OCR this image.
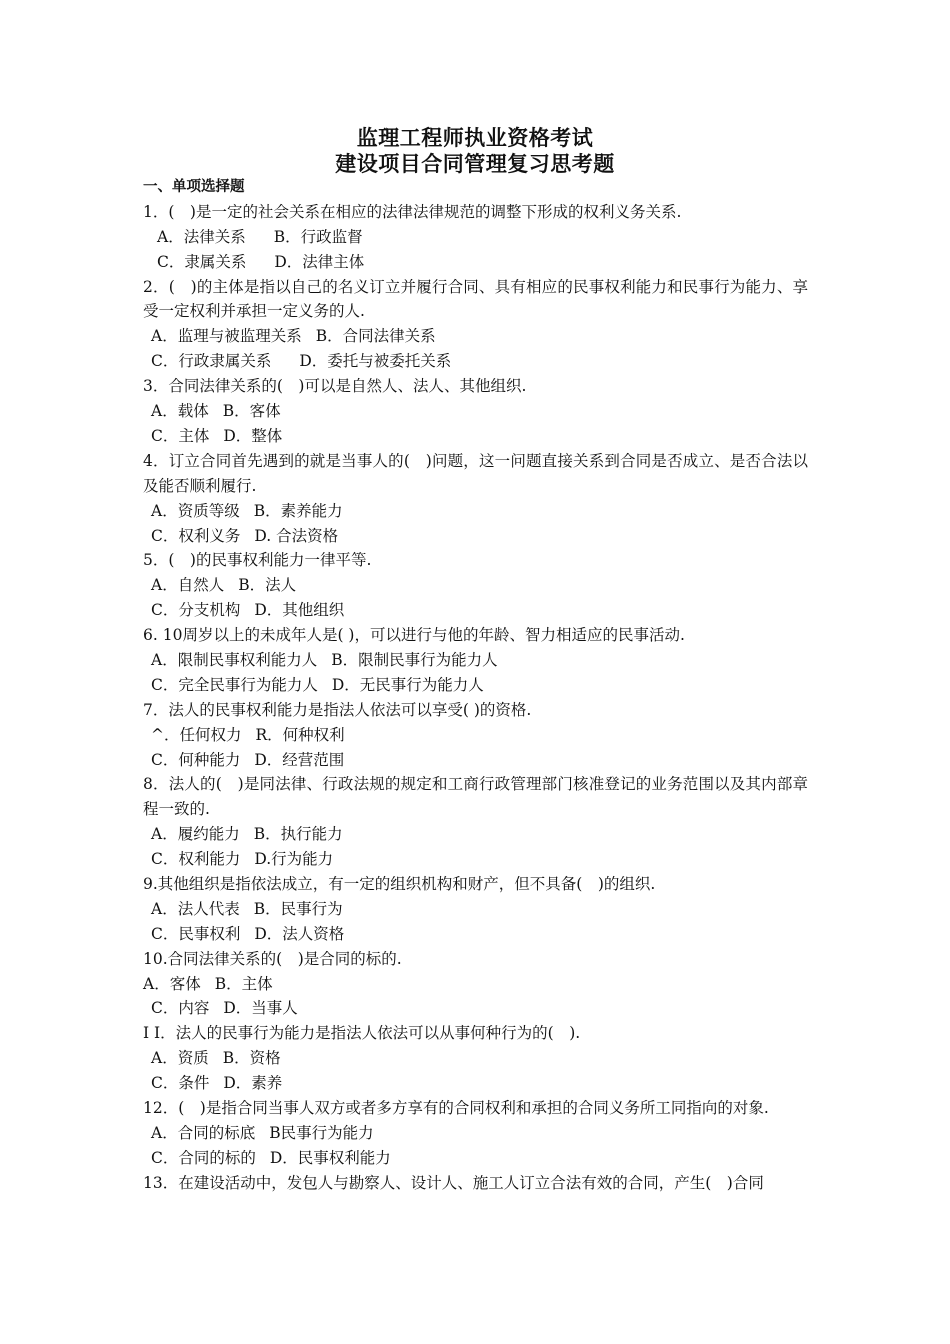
监理工程师执业资格考试
建设项目合同管理复习思考题
一、单项选择题
1．(　)是一定的社会关系在相应的法律法律规范的调整下形成的权利义务关系.
A．法律关系 B．行政监督
C．隶属关系 D．法律主体
2．(　)的主体是指以自己的名义订立并履行合同、具有相应的民事权利能力和民事行为能力、享受一定权利并承担一定义务的人.
A．监理与被监理关系 B．合同法律关系
C．行政隶属关系 D．委托与被委托关系
3．合同法律关系的(　)可以是自然人、法人、其他组织.
A．载体 B．客体
C．主体 D．整体
4．订立合同首先遇到的就是当事人的(　)问题，这一问题直接关系到合同是否成立、是否合法以及能否顺利履行.
A．资质等级 B．素养能力
C．权利义务 D. 合法资格
5．(　)的民事权利能力一律平等.
A．自然人 B．法人
C．分支机构 D．其他组织
6. 10周岁以上的未成年人是( )，可以进行与他的年龄、智力相适应的民事活动.
A．限制民事权利能力人 B．限制民事行为能力人
C．完全民事行为能力人 D．无民事行为能力人
7．法人的民事权利能力是指法人依法可以享受( )的资格.
^．任何权力 R．何种权利
C．何种能力 D．经营范围
8．法人的(　)是同法律、行政法规的规定和工商行政管理部门核准登记的业务范围以及其内部章程一致的.
A．履约能力 B．执行能力
C．权利能力 D.行为能力
9.其他组织是指依法成立，有一定的组织机构和财产，但不具备(　)的组织.
A．法人代表 B．民事行为
C．民事权利 D．法人资格
10.合同法律关系的(　)是合同的标的.
A．客体 B．主体
C．内容 D．当事人
I I．法人的民事行为能力是指法人依法可以从事何种行为的(　).
A．资质 B．资格
C．条件 D．素养
12．(　)是指合同当事人双方或者多方享有的合同权利和承担的合同义务所工同指向的对象.
A．合同的标底 B民事行为能力
C．合同的标的 D．民事权利能力
13．在建设活动中，发包人与勘察人、设计人、施工人订立合法有效的合同，产生(　)合同
